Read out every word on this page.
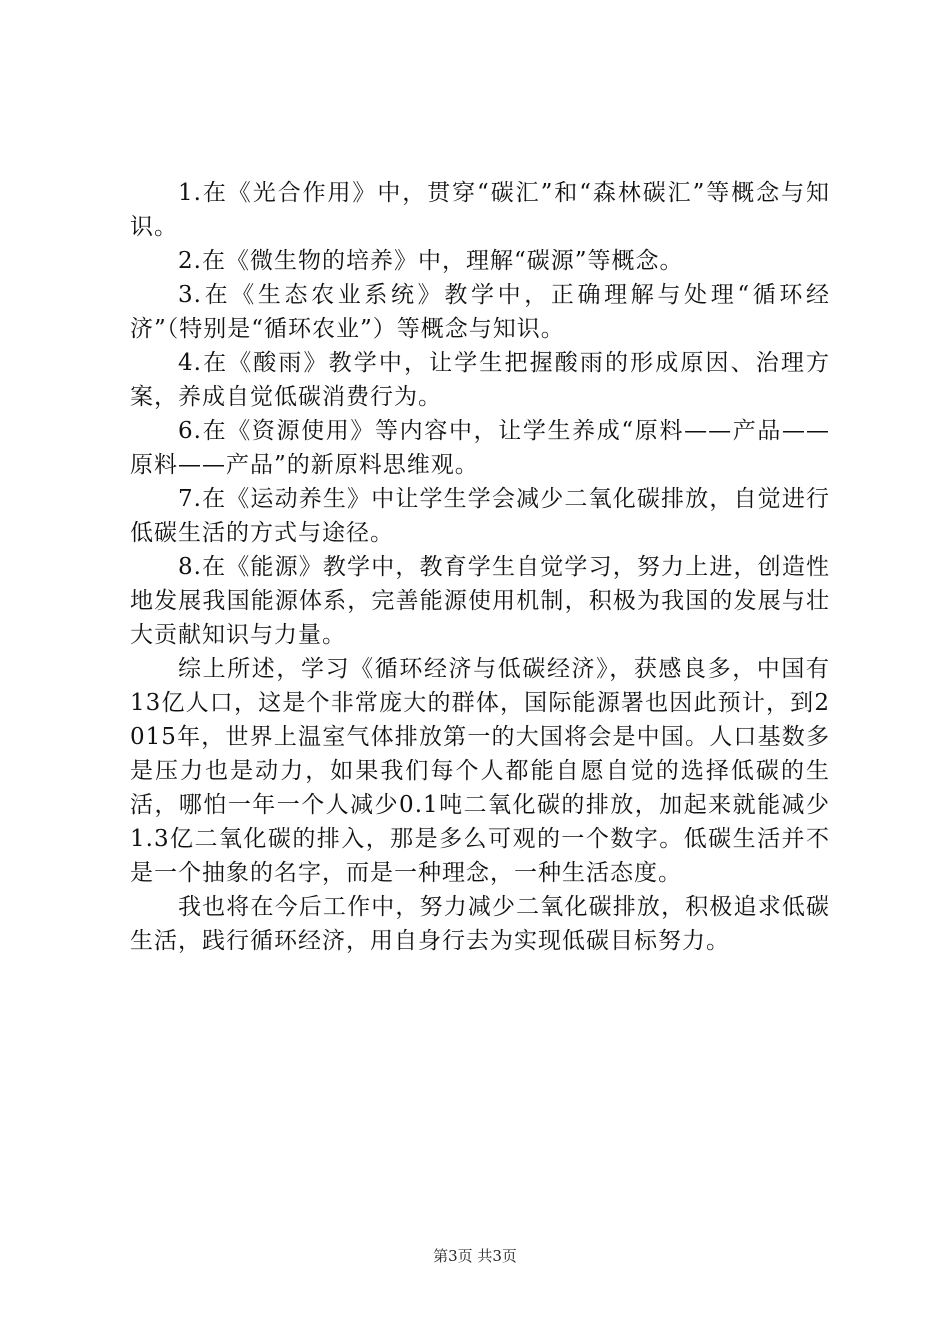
1.在《光合作用》中，贯穿“碳汇”和“森林碳汇”等概念与知识。

2.在《微生物的培养》中，理解“碳源”等概念。

3.在《生态农业系统》教学中，正确理解与处理“循环经济”（特别是“循环农业”）等概念与知识。

4.在《酸雨》教学中，让学生把握酸雨的形成原因、治理方案，养成自觉低碳消费行为。

6.在《资源使用》等内容中，让学生养成“原料——产品——原料——产品”的新原料思维观。

7.在《运动养生》中让学生学会减少二氧化碳排放，自觉进行低碳生活的方式与途径。

8.在《能源》教学中，教育学生自觉学习，努力上进，创造性地发展我国能源体系，完善能源使用机制，积极为我国的发展与壮大贡献知识与力量。

综上所述，学习《循环经济与低碳经济》，获感良多，中国有13亿人口，这是个非常庞大的群体，国际能源署也因此预计，到2015年，世界上温室气体排放第一的大国将会是中国。人口基数多是压力也是动力，如果我们每个人都能自愿自觉的选择低碳的生活，哪怕一年一个人减少0.1吨二氧化碳的排放，加起来就能减少1.3亿二氧化碳的排入，那是多么可观的一个数字。低碳生活并不是一个抽象的名字，而是一种理念，一种生活态度。

我也将在今后工作中，努力减少二氧化碳排放，积极追求低碳生活，践行循环经济，用自身行去为实现低碳目标努力。

第3页 共3页
